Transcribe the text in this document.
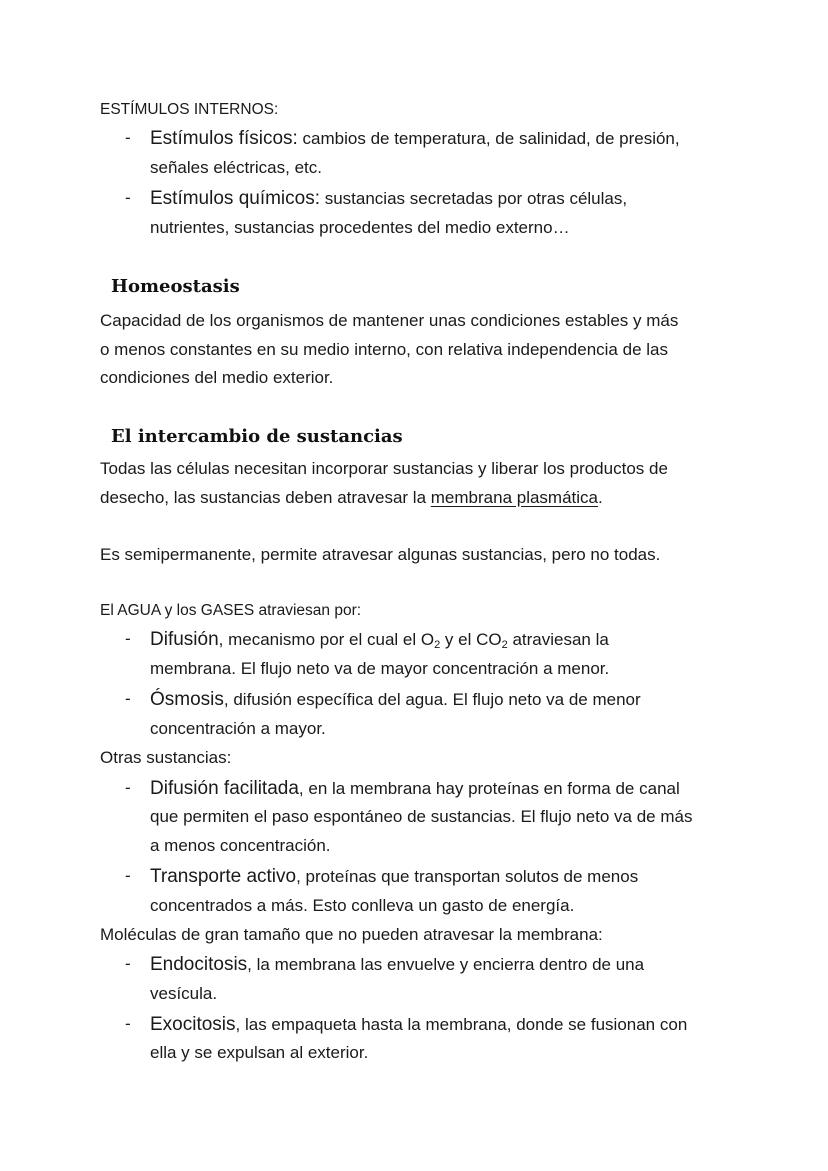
ESTÍMULOS INTERNOS:
- Estímulos físicos: cambios de temperatura, de salinidad, de presión,
señales eléctricas, etc.
- Estímulos químicos: sustancias secretadas por otras células,
nutrientes, sustancias procedentes del medio externo…
Homeostasis
Capacidad de los organismos de mantener unas condiciones estables y más
o menos constantes en su medio interno, con relativa independencia de las
condiciones del medio exterior.
El intercambio de sustancias
Todas las células necesitan incorporar sustancias y liberar los productos de
desecho, las sustancias deben atravesar la membrana plasmática.
Es semipermanente, permite atravesar algunas sustancias, pero no todas.
El AGUA y los GASES atraviesan por:
- Difusión, mecanismo por el cual el $O_2$ y el $CO_2$ atraviesan la
membrana. El flujo neto va de mayor concentración a menor.
- Ósmosis, difusión específica del agua. El flujo neto va de menor
concentración a mayor.
Otras sustancias:
- Difusión facilitada, en la membrana hay proteínas en forma de canal
que permiten el paso espontáneo de sustancias. El flujo neto va de más
a menos concentración.
- Transporte activo, proteínas que transportan solutos de menos
concentrados a más. Esto conlleva un gasto de energía.
Moléculas de gran tamaño que no pueden atravesar la membrana:
- Endocitosis, la membrana las envuelve y encierra dentro de una
vesícula.
- Exocitosis, las empaqueta hasta la membrana, donde se fusionan con
ella y se expulsan al exterior.
